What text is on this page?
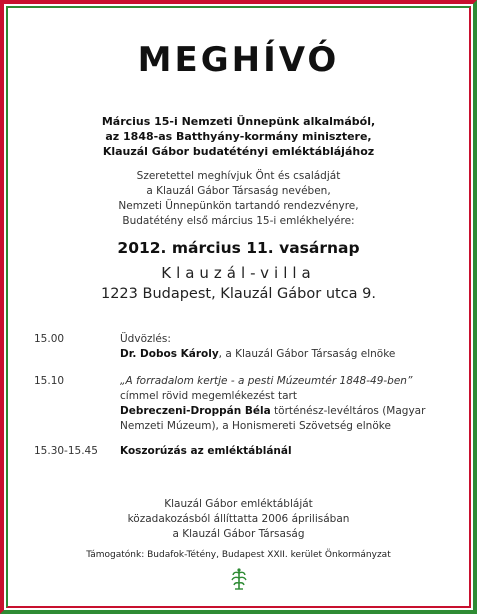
MEGHÍVÓ
Március 15-i Nemzeti Ünnepünk alkalmából,
az 1848-as Batthyány-kormány minisztere,
Klauzál Gábor budatétényi emléktáblájához
Szeretettel meghívjuk Önt és családját
a Klauzál Gábor Társaság nevében,
Nemzeti Ünnepünkön tartandó rendezvényre,
Budatétény első március 15-i emlékhelyére:
2012. március 11. vasárnap
Klauzál-villa
1223 Budapest, Klauzál Gábor utca 9.
15.00	Üdvözlés:
Dr. Dobos Károly, a Klauzál Gábor Társaság elnöke
15.10	„A forradalom kertje - a pesti Múzeumtér 1848-49-ben”
címmel rövid megemlékezést tart
Debreczeni-Droppán Béla történész-levéltáros (Magyar
Nemzeti Múzeum), a Honismereti Szövetség elnöke
15.30-15.45	Koszorúzás az emléktáblánál
Klauzál Gábor emléktábláját
közadakozásból állíttatta 2006 áprilisában
a Klauzál Gábor Társaság
Támogatónk: Budafok-Tétény, Budapest XXII. kerület Önkormányzat
